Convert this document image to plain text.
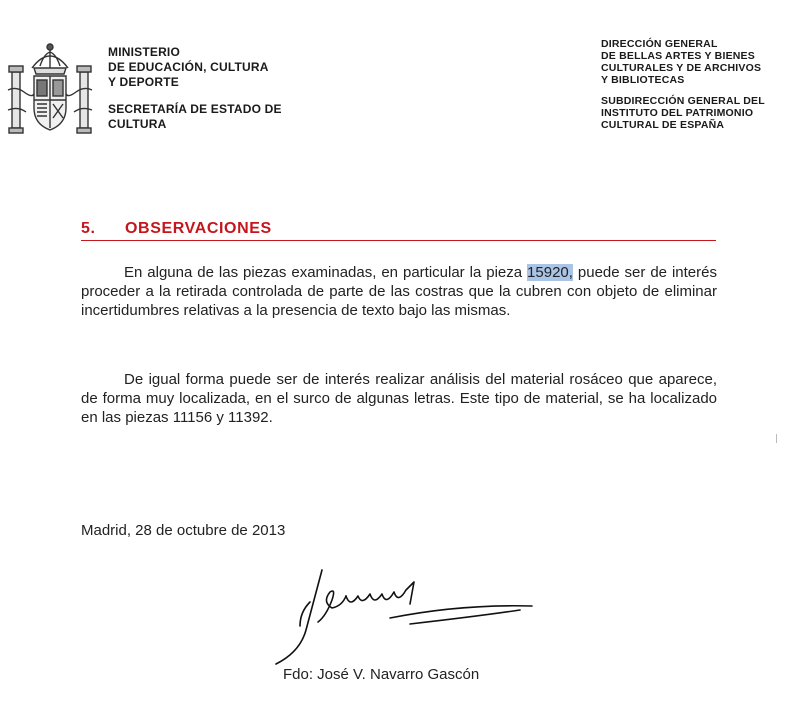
MINISTERIO
DE EDUCACIÓN, CULTURA
Y DEPORTE
SECRETARÍA DE ESTADO DE
CULTURA
DIRECCIÓN GENERAL
DE BELLAS ARTES Y BIENES
CULTURALES Y DE ARCHIVOS
Y BIBLIOTECAS
SUBDIRECCIÓN GENERAL DEL
INSTITUTO DEL PATRIMONIO
CULTURAL DE ESPAÑA
5. OBSERVACIONES
En alguna de las piezas examinadas, en particular la pieza 15920, puede ser de interés proceder a la retirada controlada de parte de las costras que la cubren con objeto de eliminar incertidumbres relativas a la presencia de texto bajo las mismas.
De igual forma puede ser de interés realizar análisis del material rosáceo que aparece, de forma muy localizada, en el surco de algunas letras. Este tipo de material, se ha localizado en las piezas 11156 y 11392.
Madrid, 28 de octubre de 2013
Fdo: José V. Navarro Gascón
